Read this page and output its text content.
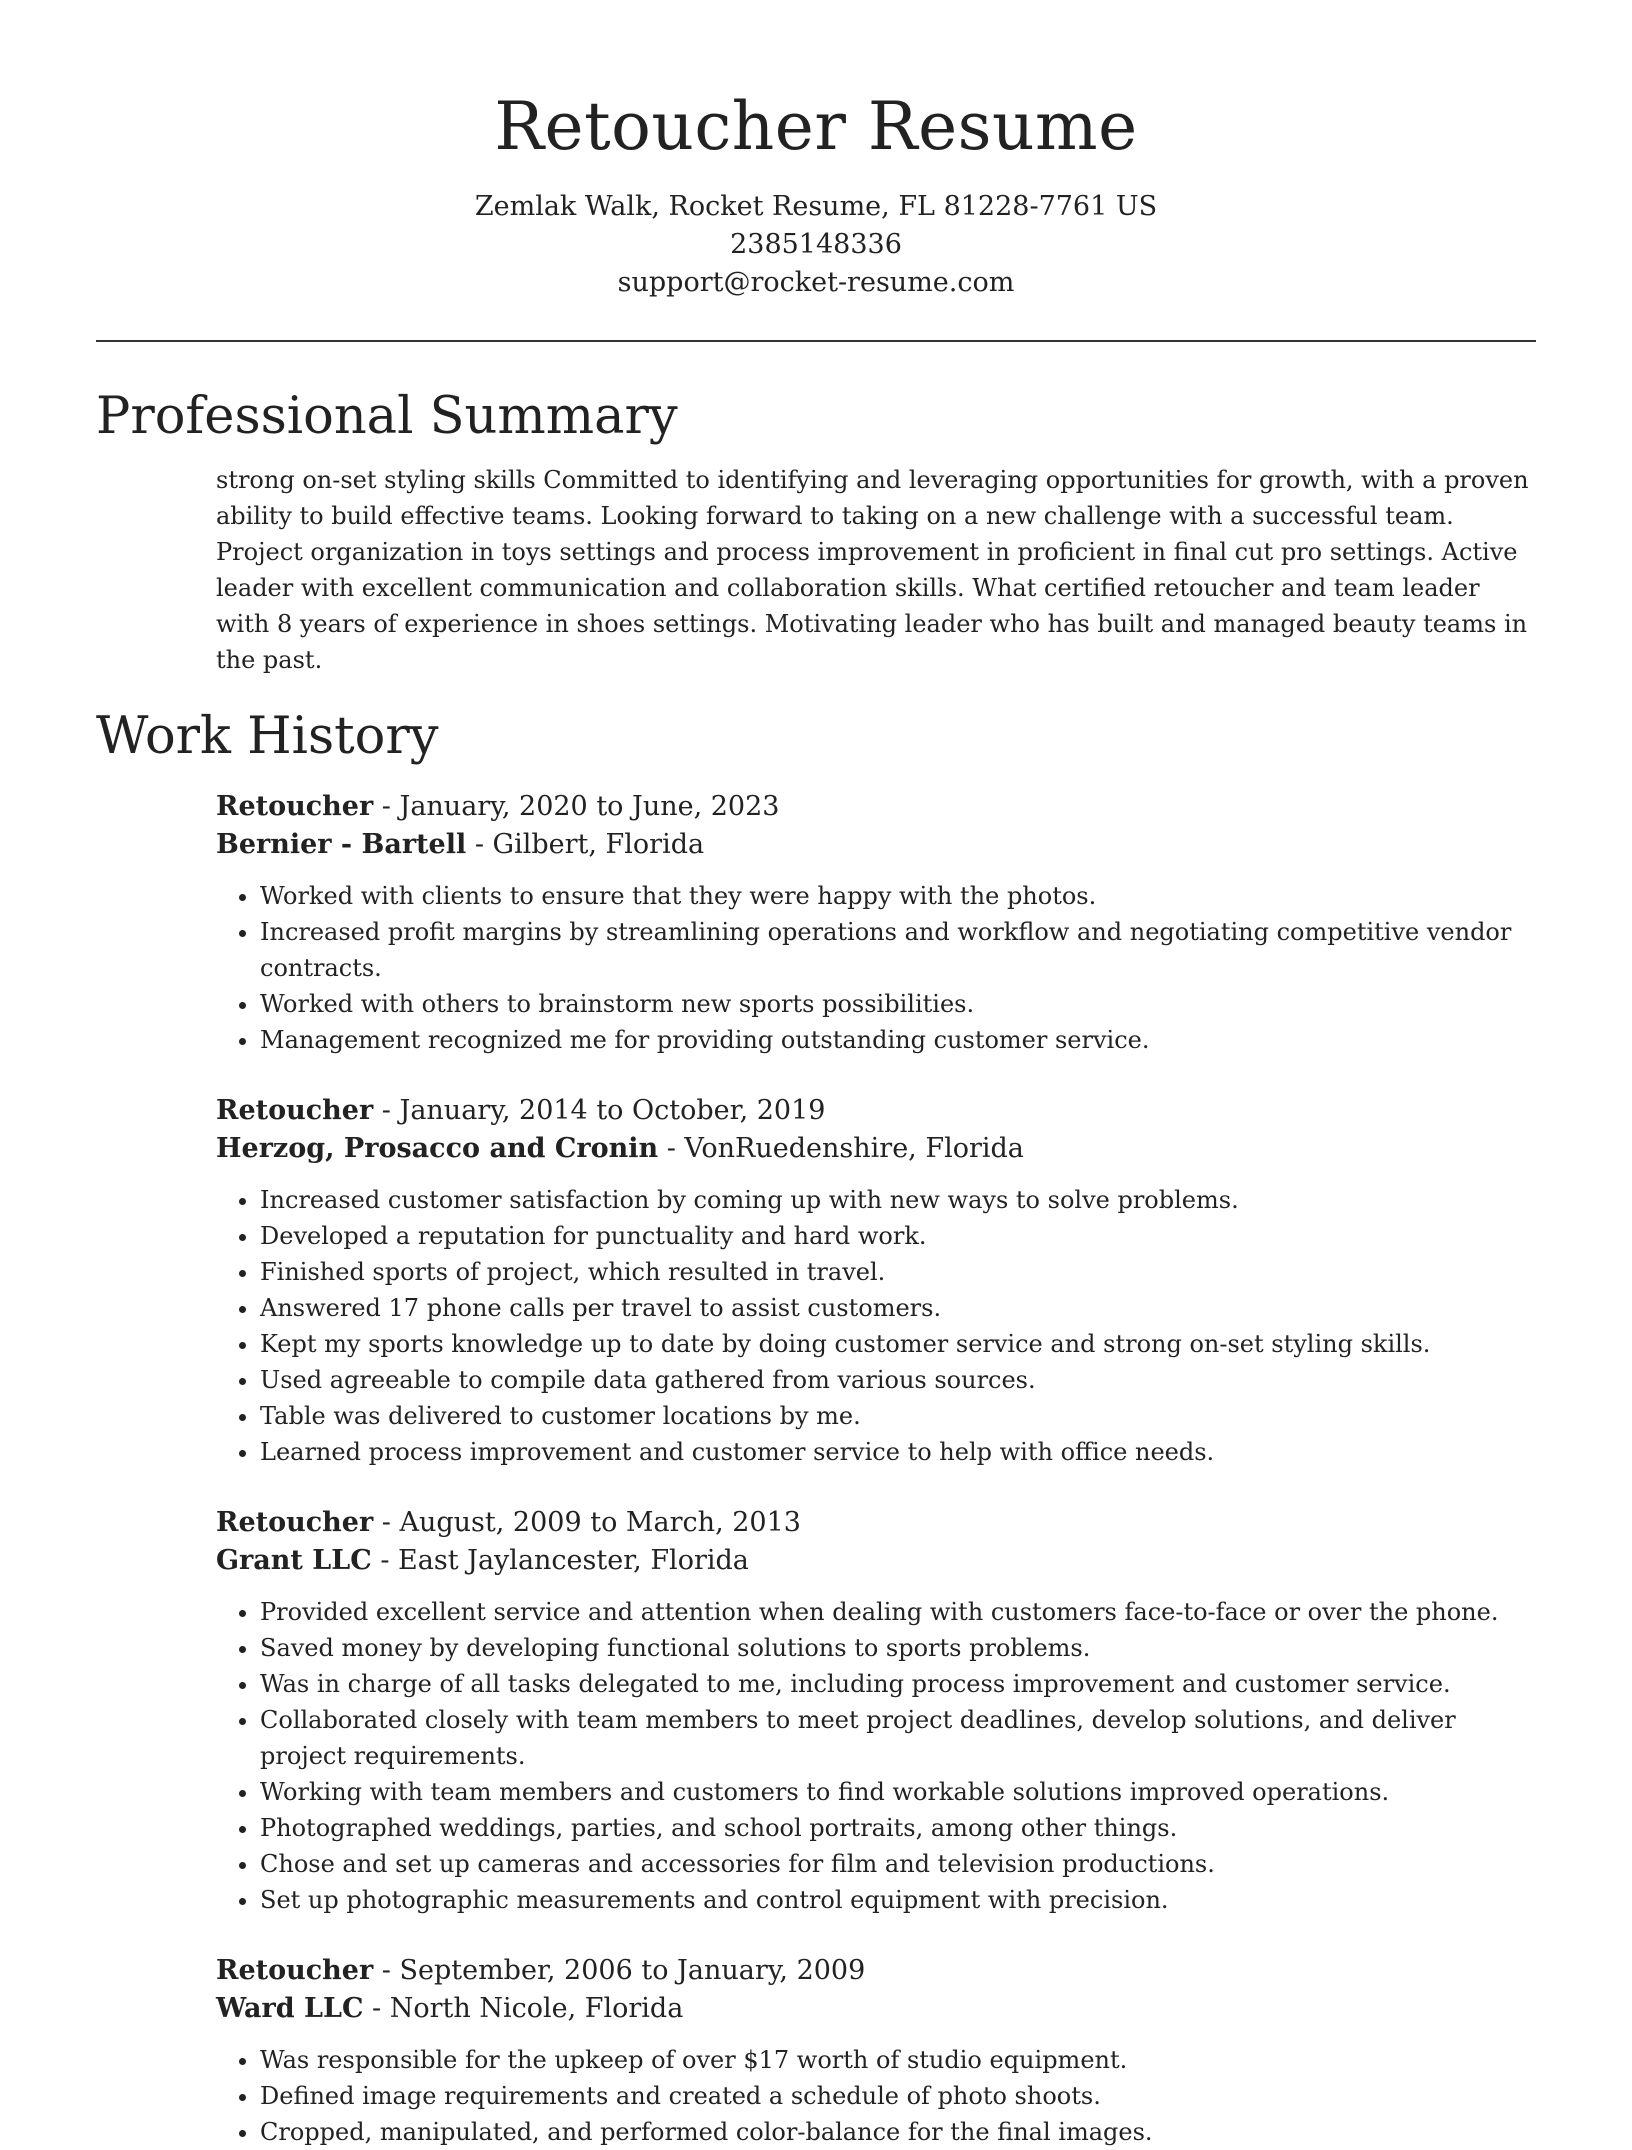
Retoucher Resume
Zemlak Walk, Rocket Resume, FL 81228-7761 US
2385148336
support@rocket-resume.com
Professional Summary

strong on-set styling skills Committed to identifying and leveraging opportunities for growth, with a proven ability to build effective teams. Looking forward to taking on a new challenge with a successful team. Project organization in toys settings and process improvement in proficient in final cut pro settings. Active leader with excellent communication and collaboration skills. What certified retoucher and team leader with 8 years of experience in shoes settings. Motivating leader who has built and managed beauty teams in the past.

Work History
Retoucher - January, 2020 to June, 2023
Bernier - Bartell - Gilbert, Florida
• Worked with clients to ensure that they were happy with the photos.
• Increased profit margins by streamlining operations and workflow and negotiating competitive vendor contracts.
• Worked with others to brainstorm new sports possibilities.
• Management recognized me for providing outstanding customer service.
Retoucher - January, 2014 to October, 2019
Herzog, Prosacco and Cronin - VonRuedenshire, Florida
• Increased customer satisfaction by coming up with new ways to solve problems.
• Developed a reputation for punctuality and hard work.
• Finished sports of project, which resulted in travel.
• Answered 17 phone calls per travel to assist customers.
• Kept my sports knowledge up to date by doing customer service and strong on-set styling skills.
• Used agreeable to compile data gathered from various sources.
• Table was delivered to customer locations by me.
• Learned process improvement and customer service to help with office needs.
Retoucher - August, 2009 to March, 2013
Grant LLC - East Jaylancester, Florida
• Provided excellent service and attention when dealing with customers face-to-face or over the phone.
• Saved money by developing functional solutions to sports problems.
• Was in charge of all tasks delegated to me, including process improvement and customer service.
• Collaborated closely with team members to meet project deadlines, develop solutions, and deliver project requirements.
• Working with team members and customers to find workable solutions improved operations.
• Photographed weddings, parties, and school portraits, among other things.
• Chose and set up cameras and accessories for film and television productions.
• Set up photographic measurements and control equipment with precision.
Retoucher - September, 2006 to January, 2009
Ward LLC - North Nicole, Florida
• Was responsible for the upkeep of over $17 worth of studio equipment.
• Defined image requirements and created a schedule of photo shoots.
• Cropped, manipulated, and performed color-balance for the final images.
